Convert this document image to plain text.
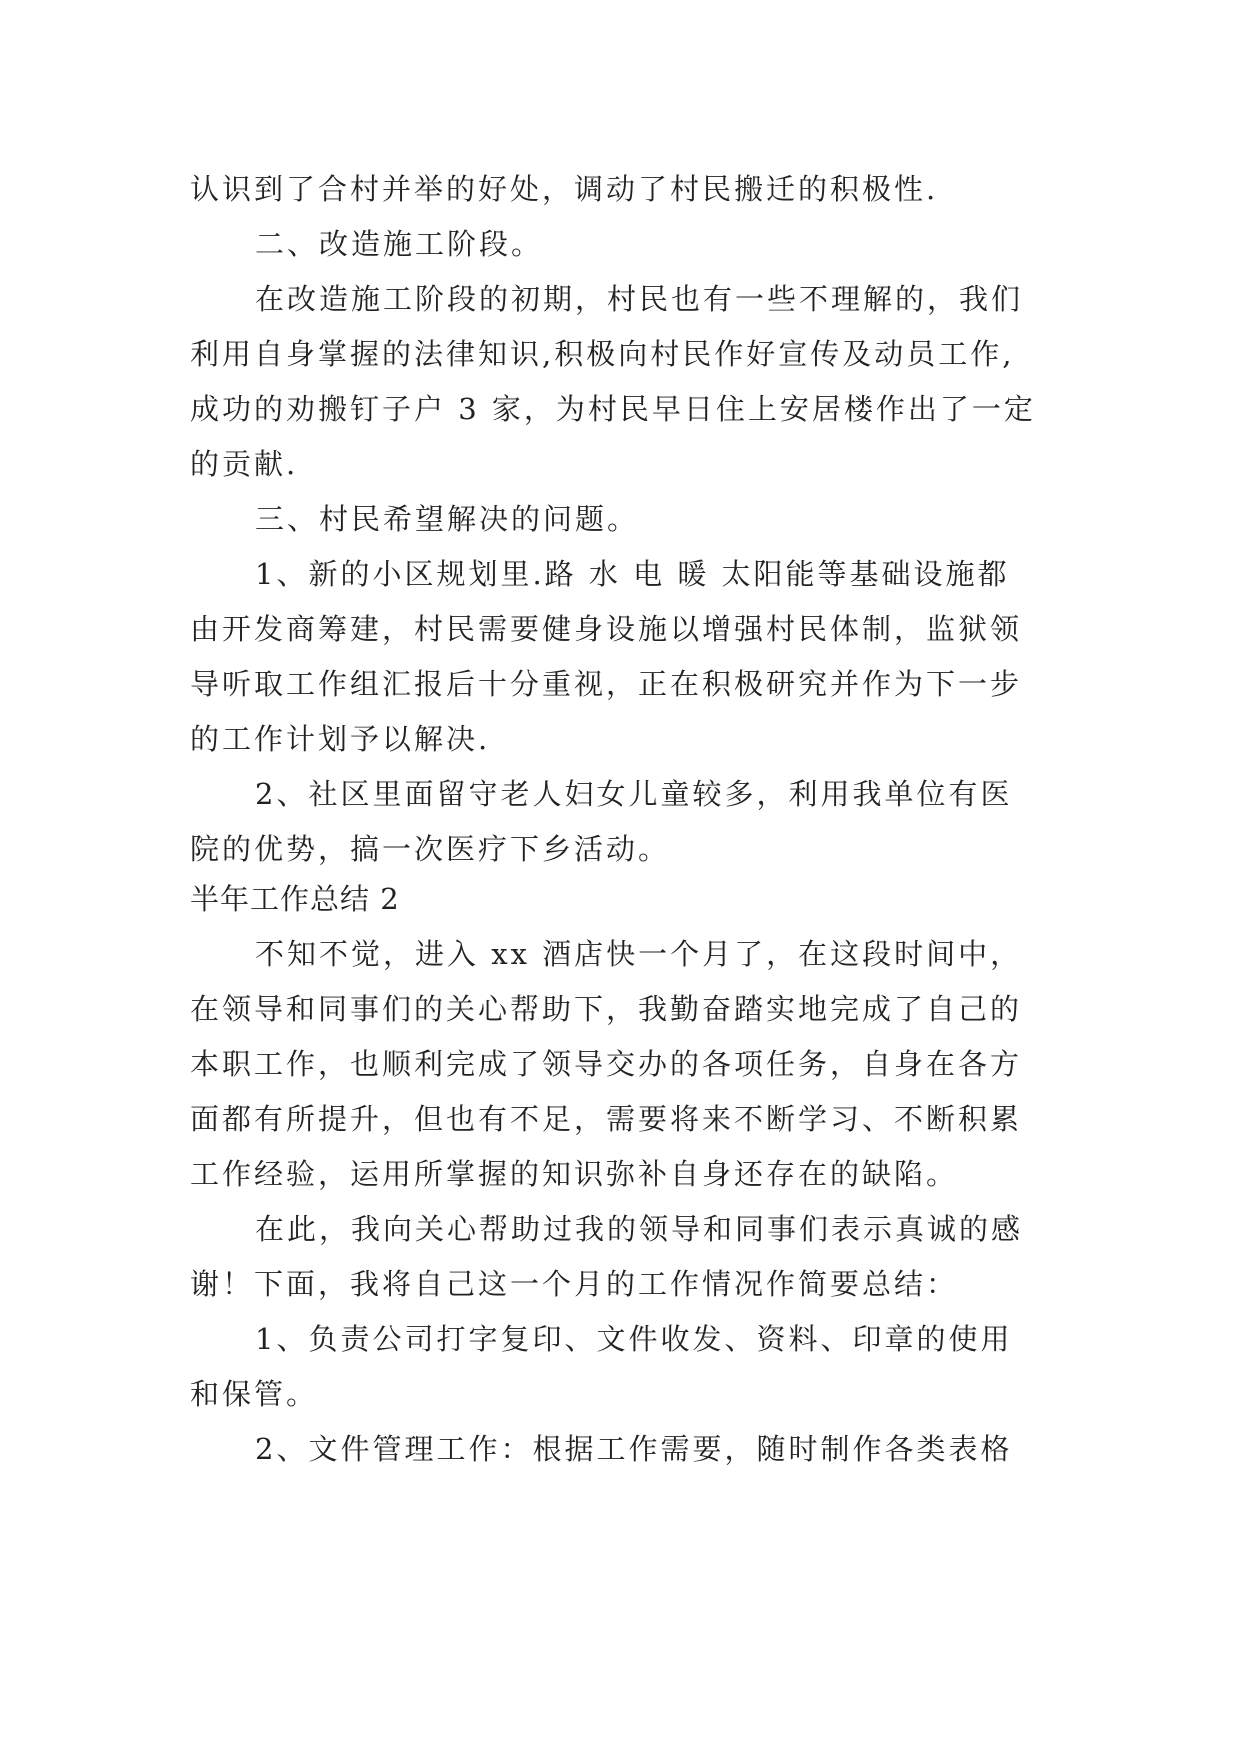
认识到了合村并举的好处，调动了村民搬迁的积极性.
二、改造施工阶段。
在改造施工阶段的初期，村民也有一些不理解的，我们
利用自身掌握的法律知识,积极向村民作好宣传及动员工作,
成功的劝搬钉子户 3 家，为村民早日住上安居楼作出了一定
的贡献.
三、村民希望解决的问题。
1、新的小区规划里.路 水 电 暖 太阳能等基础设施都
由开发商筹建，村民需要健身设施以增强村民体制，监狱领
导听取工作组汇报后十分重视，正在积极研究并作为下一步
的工作计划予以解决.
2、社区里面留守老人妇女儿童较多，利用我单位有医
院的优势，搞一次医疗下乡活动。
半年工作总结 2
不知不觉，进入 xx 酒店快一个月了，在这段时间中，
在领导和同事们的关心帮助下，我勤奋踏实地完成了自己的
本职工作，也顺利完成了领导交办的各项任务，自身在各方
面都有所提升，但也有不足，需要将来不断学习、不断积累
工作经验，运用所掌握的知识弥补自身还存在的缺陷。
在此，我向关心帮助过我的领导和同事们表示真诚的感
谢！下面，我将自己这一个月的工作情况作简要总结：
1、负责公司打字复印、文件收发、资料、印章的使用
和保管。
2、文件管理工作：根据工作需要，随时制作各类表格
